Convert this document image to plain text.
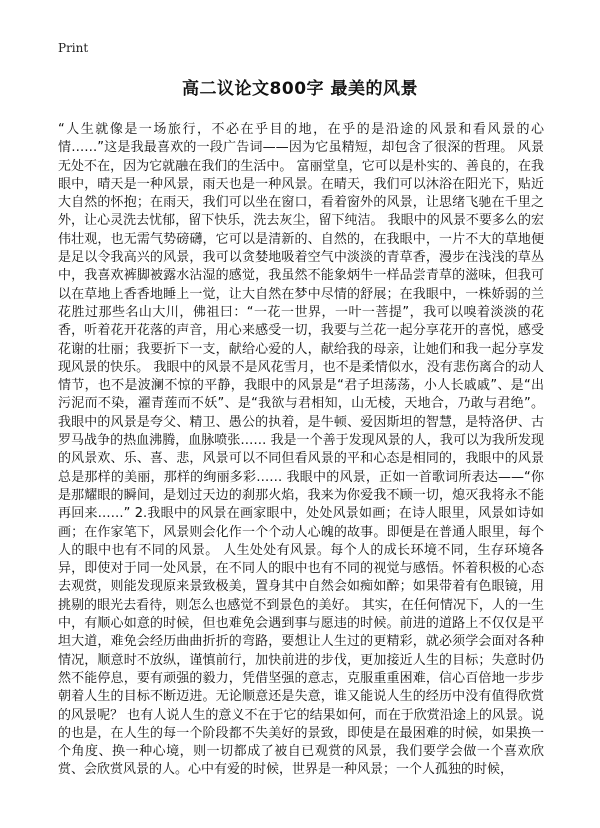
Print
高二议论文800字 最美的风景

“人生就像是一场旅行，不必在乎目的地，在乎的是沿途的风景和看风景的心情……”这是我最喜欢的一段广告词——因为它虽精短，却包含了很深的哲理。 风景无处不在，因为它就融在我们的生活中。 富丽堂皇，它可以是朴实的、善良的，在我眼中，晴天是一种风景，雨天也是一种风景。在晴天，我们可以沐浴在阳光下，贴近大自然的怀抱；在雨天，我们可以坐在窗口，看着窗外的风景，让思绪飞驰在千里之外，让心灵洗去忧郁，留下快乐，洗去灰尘，留下纯洁。 我眼中的风景不要多么的宏伟壮观，也无需气势磅礴，它可以是清新的、自然的，在我眼中，一片不大的草地便是足以令我高兴的风景，我可以贪婪地吸着空气中淡淡的青草香，漫步在浅浅的草丛中，我喜欢裤脚被露水沾湿的感觉，我虽然不能象炳牛一样品尝青草的滋味，但我可以在草地上香香地睡上一觉，让大自然在梦中尽情的舒展；在我眼中，一株娇弱的兰花胜过那些名山大川，佛祖曰：“一花一世界，一叶一菩提”，我可以嗅着淡淡的花香，听着花开花落的声音，用心来感受一切，我要与兰花一起分享花开的喜悦，感受花谢的壮丽；我要折下一支，献给心爱的人，献给我的母亲，让她们和我一起分享发现风景的快乐。 我眼中的风景不是风花雪月，也不是柔情似水，没有悲伤离合的动人情节，也不是波澜不惊的平静，我眼中的风景是“君子坦荡荡，小人长戚戚”、是“出污泥而不染，濯青莲而不妖”、是“我欲与君相知，山无棱，天地合，乃敢与君绝”。 我眼中的风景是夸父、精卫、愚公的执着，是牛顿、爱因斯坦的智慧，是特洛伊、古罗马战争的热血沸腾，血脉喷张…… 我是一个善于发现风景的人，我可以为我所发现的风景欢、乐、喜、悲，风景可以不同但看风景的平和心态是相同的，我眼中的风景总是那样的美丽，那样的绚丽多彩…… 我眼中的风景，正如一首歌词所表达——“你是那耀眼的瞬间，是划过天边的刹那火焰，我来为你爱我不顾一切，熄灭我将永不能再回来……” 2.我眼中的风景在画家眼中，处处风景如画；在诗人眼里，风景如诗如画；在作家笔下，风景则会化作一个个动人心魄的故事。即便是在普通人眼里，每个人的眼中也有不同的风景。 人生处处有风景。每个人的成长环境不同，生存环境各异，即使对于同一处风景，在不同人的眼中也有不同的视觉与感悟。怀着积极的心态去观赏，则能发现原来景致极美，置身其中自然会如痴如醉；如果带着有色眼镜，用挑剔的眼光去看待，则怎么也感觉不到景色的美好。 其实，在任何情况下，人的一生中，有顺心如意的时候，但也难免会遇到事与愿违的时候。前进的道路上不仅仅是平坦大道，难免会经历曲曲折折的弯路，要想让人生过的更精彩，就必须学会面对各种情况，顺意时不放纵，谨慎前行，加快前进的步伐，更加接近人生的目标；失意时仍然不能停息，要有顽强的毅力，凭借坚强的意志，克服重重困难，信心百倍地一步步朝着人生的目标不断迈进。无论顺意还是失意，谁又能说人生的经历中没有值得欣赏的风景呢？ 也有人说人生的意义不在于它的结果如何，而在于欣赏沿途上的风景。说的也是，在人生的每一个阶段都不失美好的景致，即使是在最困难的时候，如果换一个角度、换一种心境，则一切都成了被自已观赏的风景，我们要学会做一个喜欢欣赏、会欣赏风景的人。心中有爱的时候，世界是一种风景；一个人孤独的时候，
